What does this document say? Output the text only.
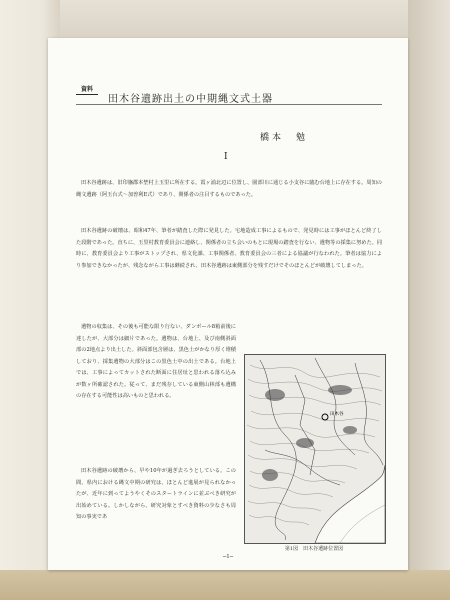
資料
田木谷遺跡出土の中期縄文式土器
橋本　勉
Ⅰ

田木谷遺跡は、旧印旛郡本埜村上玉里に所在する。霞ヶ浦北辺に位置し、園部川に通じる小支谷に臨む台地上に存在する。周知の縄文遺跡（阿玉台式～加曽利E式）であり、関係者の注目するものであった。

田木谷遺跡の破壊は、昭和47年、筆者が踏査した際に発見した。宅地造成工事によるもので、発見時には工事がほとんど終了した段階であった。直ちに、玉里村教育委員会に連絡し、関係者の立ち会いのもとに現場の踏査を行ない、遺物等の採集に努めた。同時に、教育委員会より工事がストップされ、県文化課、工事関係者、教育委員会の三者による協議が行なわれた。筆者は協力により参加できなかったが、残念ながら工事は継続され、田木谷遺跡は東側部分を残すだけでそのほとんどが破壊してしまった。

遺物の収集は、その後も可能な限り行ない、ダンボール8箱前後に達したが、大部分は細片であった。遺物は、台地上、及び南側斜面部の2地点より出土した。斜面部包含層は、黒色土がかなり厚く堆積しており、採集遺物の大部分はこの黒色土中の出土である。台地上では、工事によってカットされた断面に住居址と思われる落ち込みが数ヶ所確認された。従って、まだ残存している東側山林部も遺構の存在する可能性は高いものと思われる。

田木谷遺跡の破壊から、早や10年が過ぎ去ろうとしている。この間、県内における縄文中期の研究は、ほとんど進展が見られなかったが、近年に到ってようやくそのスタートラインに並ぶべき研究が出始めている。しかしながら、研究対象とすべき資料の少なさも周知の事実であ

田木谷
第1図　田木谷遺跡位置図
─1─
